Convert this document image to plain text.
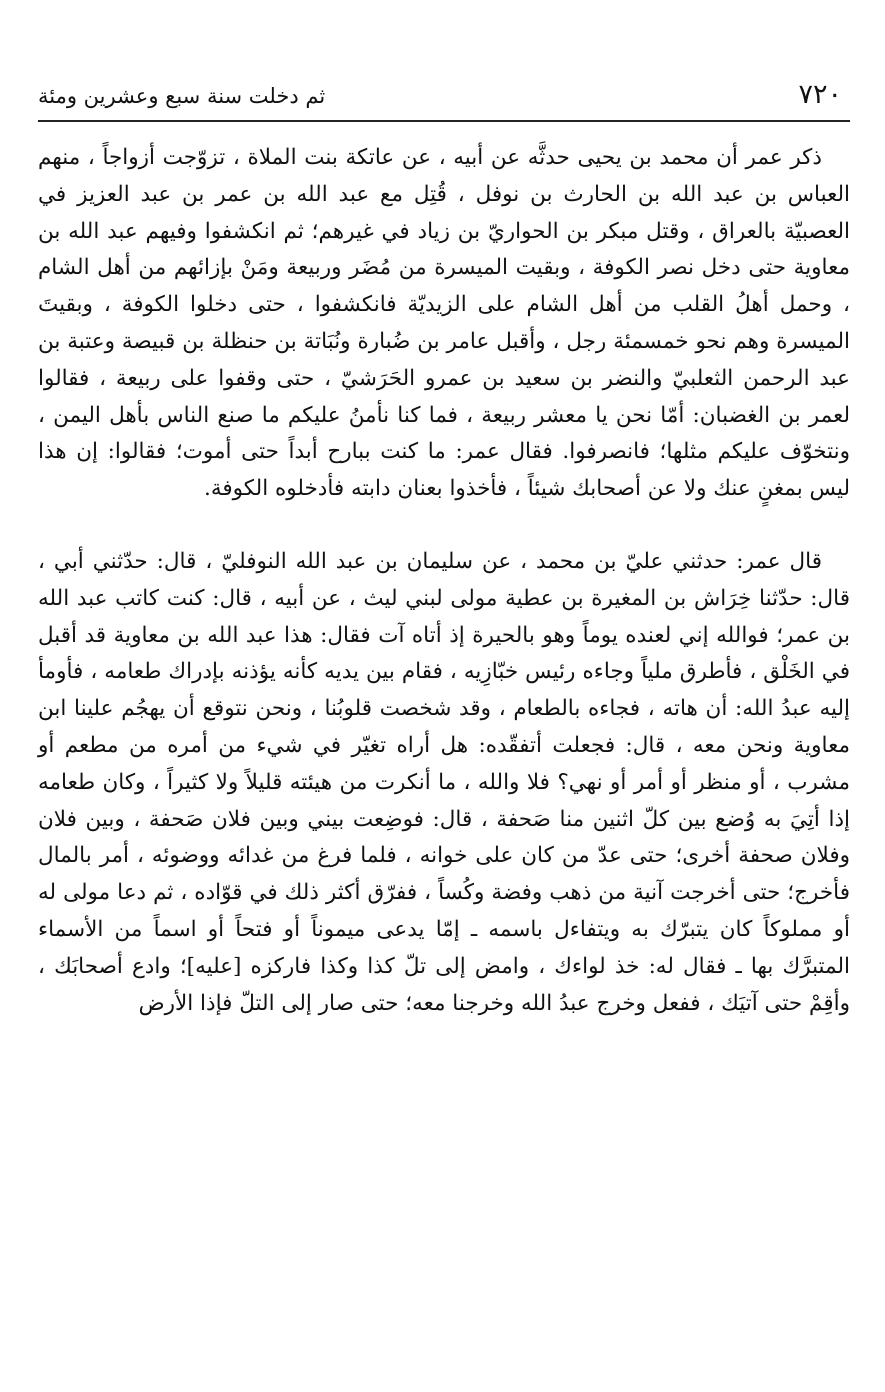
٧٢٠
ثم دخلت سنة سبع وعشرين ومئة

ذكر عمر أن محمد بن يحيى حدثَّه عن أبيه ، عن عاتكة بنت الملاة ، تزوّجت أزواجاً ، منهم العباس بن عبد الله بن الحارث بن نوفل ، قُتِل مع عبد الله بن عمر بن عبد العزيز في العصبيّة بالعراق ، وقتل مبكر بن الحواريّ بن زياد في غيرهم؛ ثم انكشفوا وفيهم عبد الله بن معاوية حتى دخل نصر الكوفة ، وبقيت الميسرة من مُضَر وربيعة ومَنْ بإزائهم من أهل الشام ، وحمل أهلُ القلب من أهل الشام على الزيديّة فانكشفوا ، حتى دخلوا الكوفة ، وبقيتَ الميسرة وهم نحو خمسمئة رجل ، وأقبل عامر بن ضُبارة ونُبَاتة بن حنظلة بن قبيصة وعتبة بن عبد الرحمن الثعلبيّ والنضر بن سعيد بن عمرو الحَرَشيّ ، حتى وقفوا على ربيعة ، فقالوا لعمر بن الغضبان: أمّا نحن يا معشر ربيعة ، فما كنا نأمنُ عليكم ما صنع الناس بأهل اليمن ، ونتخوّف عليكم مثلها؛ فانصرفوا. فقال عمر: ما كنت ببارح أبداً حتى أموت؛ فقالوا: إن هذا ليس بمغنٍ عنك ولا عن أصحابك شيئاً ، فأخذوا بعنان دابته فأدخلوه الكوفة.

قال عمر: حدثني عليّ بن محمد ، عن سليمان بن عبد الله النوفليّ ، قال: حدّثني أبي ، قال: حدّثنا خِرَاش بن المغيرة بن عطية مولى لبني ليث ، عن أبيه ، قال: كنت كاتب عبد الله بن عمر؛ فوالله إني لعنده يوماً وهو بالحيرة إذ أتاه آت فقال: هذا عبد الله بن معاوية قد أقبل في الخَلْق ، فأطرق ملياً وجاءه رئيس خبّازِيه ، فقام بين يديه كأنه يؤذنه بإدراك طعامه ، فأومأ إليه عبدُ الله: أن هاته ، فجاءه بالطعام ، وقد شخصت قلوبُنا ، ونحن نتوقع أن يهجُم علينا ابن معاوية ونحن معه ، قال: فجعلت أتفقّده: هل أراه تغيّر في شيء من أمره من مطعم أو مشرب ، أو منظر أو أمر أو نهي؟ فلا والله ، ما أنكرت من هيئته قليلاً ولا كثيراً ، وكان طعامه إذا أتِيَ به وُضع بين كلّ اثنين منا صَحفة ، قال: فوضِعت بيني وبين فلان صَحفة ، وبين فلان وفلان صحفة أخرى؛ حتى عدّ من كان على خوانه ، فلما فرغ من غدائه ووضوئه ، أمر بالمال فأخرج؛ حتى أخرجت آنية من ذهب وفضة وكُساً ، ففرّق أكثر ذلك في قوّاده ، ثم دعا مولى له أو مملوكاً كان يتبرّك به ويتفاءل باسمه ـ إمّا يدعى ميموناً أو فتحاً أو اسماً من الأسماء المتبرَّك بها ـ فقال له: خذ لواءك ، وامض إلى تلّ كذا وكذا فاركزه [عليه]؛ وادع أصحابَك ، وأقِمْ حتى آتيَك ، ففعل وخرج عبدُ الله وخرجنا معه؛ حتى صار إلى التلّ فإذا الأرض
